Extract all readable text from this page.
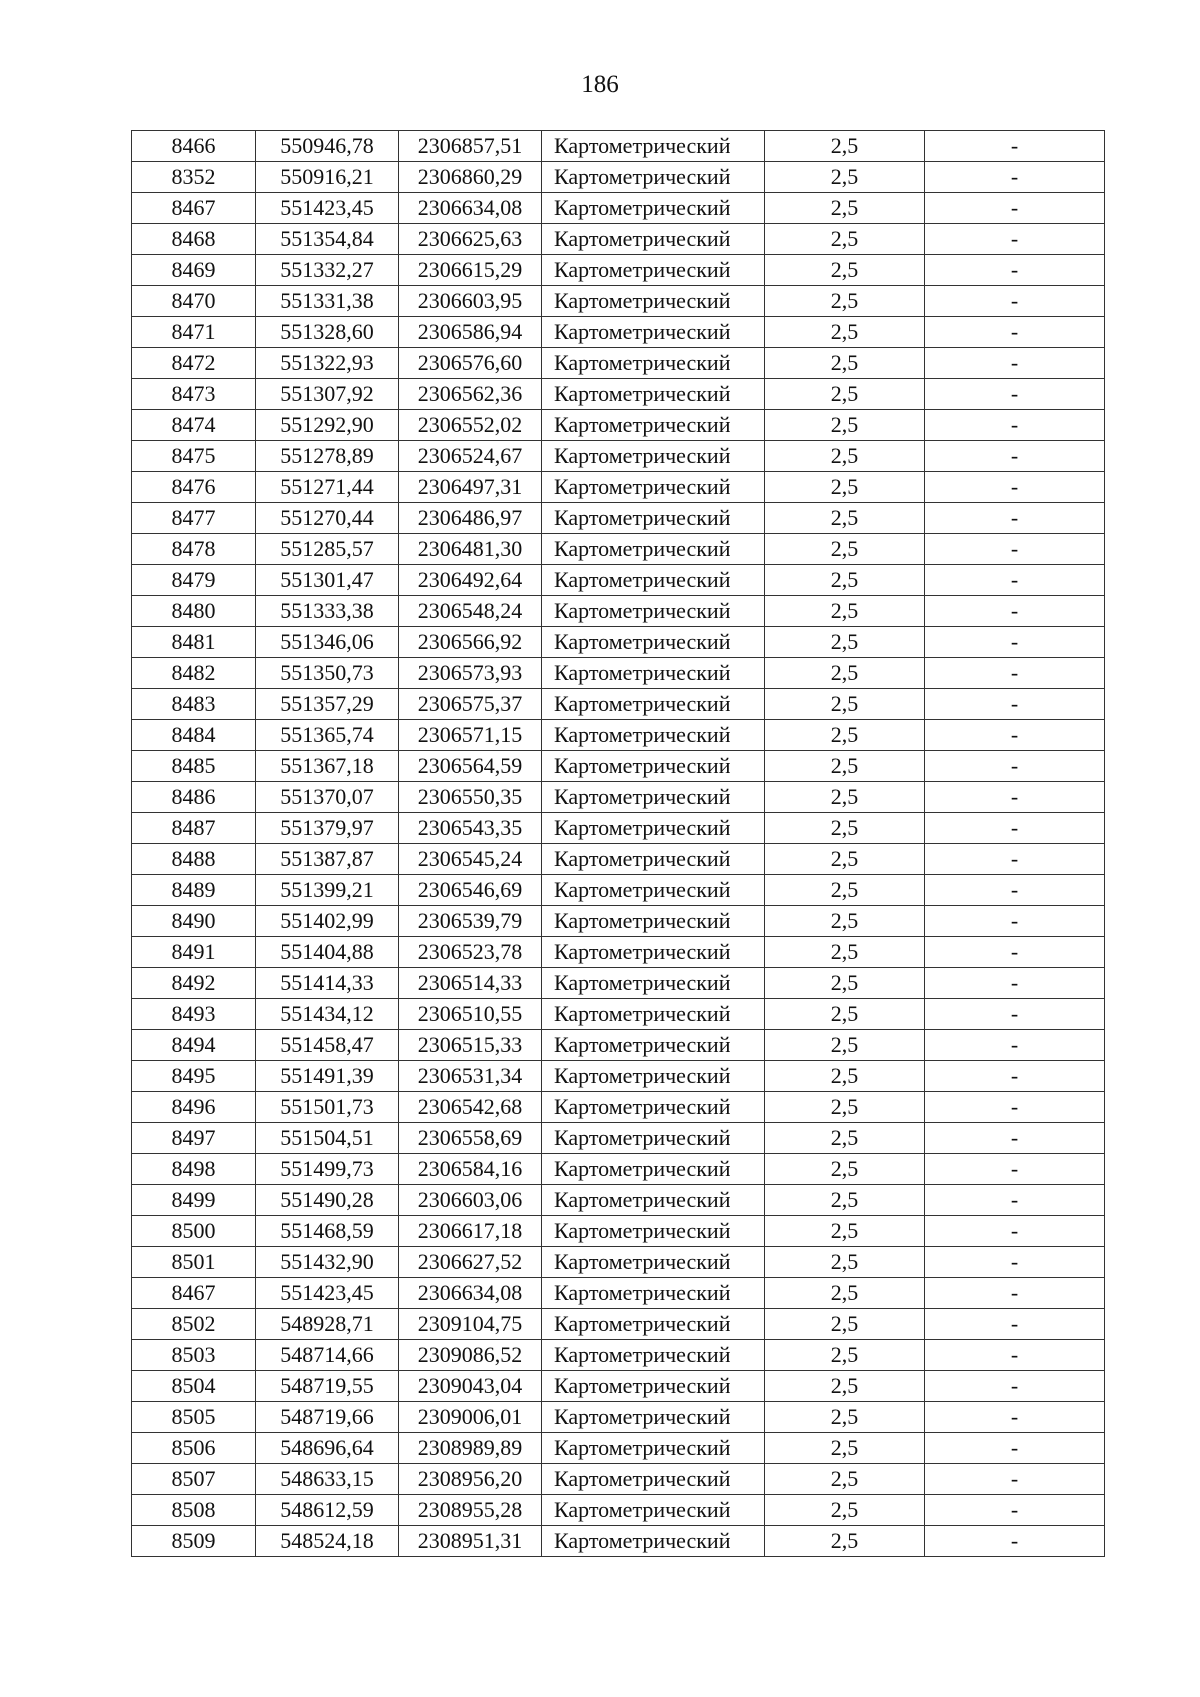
186
8466	550946,78	2306857,51	Картометрический	2,5	-
8352	550916,21	2306860,29	Картометрический	2,5	-
8467	551423,45	2306634,08	Картометрический	2,5	-
8468	551354,84	2306625,63	Картометрический	2,5	-
8469	551332,27	2306615,29	Картометрический	2,5	-
8470	551331,38	2306603,95	Картометрический	2,5	-
8471	551328,60	2306586,94	Картометрический	2,5	-
8472	551322,93	2306576,60	Картометрический	2,5	-
8473	551307,92	2306562,36	Картометрический	2,5	-
8474	551292,90	2306552,02	Картометрический	2,5	-
8475	551278,89	2306524,67	Картометрический	2,5	-
8476	551271,44	2306497,31	Картометрический	2,5	-
8477	551270,44	2306486,97	Картометрический	2,5	-
8478	551285,57	2306481,30	Картометрический	2,5	-
8479	551301,47	2306492,64	Картометрический	2,5	-
8480	551333,38	2306548,24	Картометрический	2,5	-
8481	551346,06	2306566,92	Картометрический	2,5	-
8482	551350,73	2306573,93	Картометрический	2,5	-
8483	551357,29	2306575,37	Картометрический	2,5	-
8484	551365,74	2306571,15	Картометрический	2,5	-
8485	551367,18	2306564,59	Картометрический	2,5	-
8486	551370,07	2306550,35	Картометрический	2,5	-
8487	551379,97	2306543,35	Картометрический	2,5	-
8488	551387,87	2306545,24	Картометрический	2,5	-
8489	551399,21	2306546,69	Картометрический	2,5	-
8490	551402,99	2306539,79	Картометрический	2,5	-
8491	551404,88	2306523,78	Картометрический	2,5	-
8492	551414,33	2306514,33	Картометрический	2,5	-
8493	551434,12	2306510,55	Картометрический	2,5	-
8494	551458,47	2306515,33	Картометрический	2,5	-
8495	551491,39	2306531,34	Картометрический	2,5	-
8496	551501,73	2306542,68	Картометрический	2,5	-
8497	551504,51	2306558,69	Картометрический	2,5	-
8498	551499,73	2306584,16	Картометрический	2,5	-
8499	551490,28	2306603,06	Картометрический	2,5	-
8500	551468,59	2306617,18	Картометрический	2,5	-
8501	551432,90	2306627,52	Картометрический	2,5	-
8467	551423,45	2306634,08	Картометрический	2,5	-
8502	548928,71	2309104,75	Картометрический	2,5	-
8503	548714,66	2309086,52	Картометрический	2,5	-
8504	548719,55	2309043,04	Картометрический	2,5	-
8505	548719,66	2309006,01	Картометрический	2,5	-
8506	548696,64	2308989,89	Картометрический	2,5	-
8507	548633,15	2308956,20	Картометрический	2,5	-
8508	548612,59	2308955,28	Картометрический	2,5	-
8509	548524,18	2308951,31	Картометрический	2,5	-
